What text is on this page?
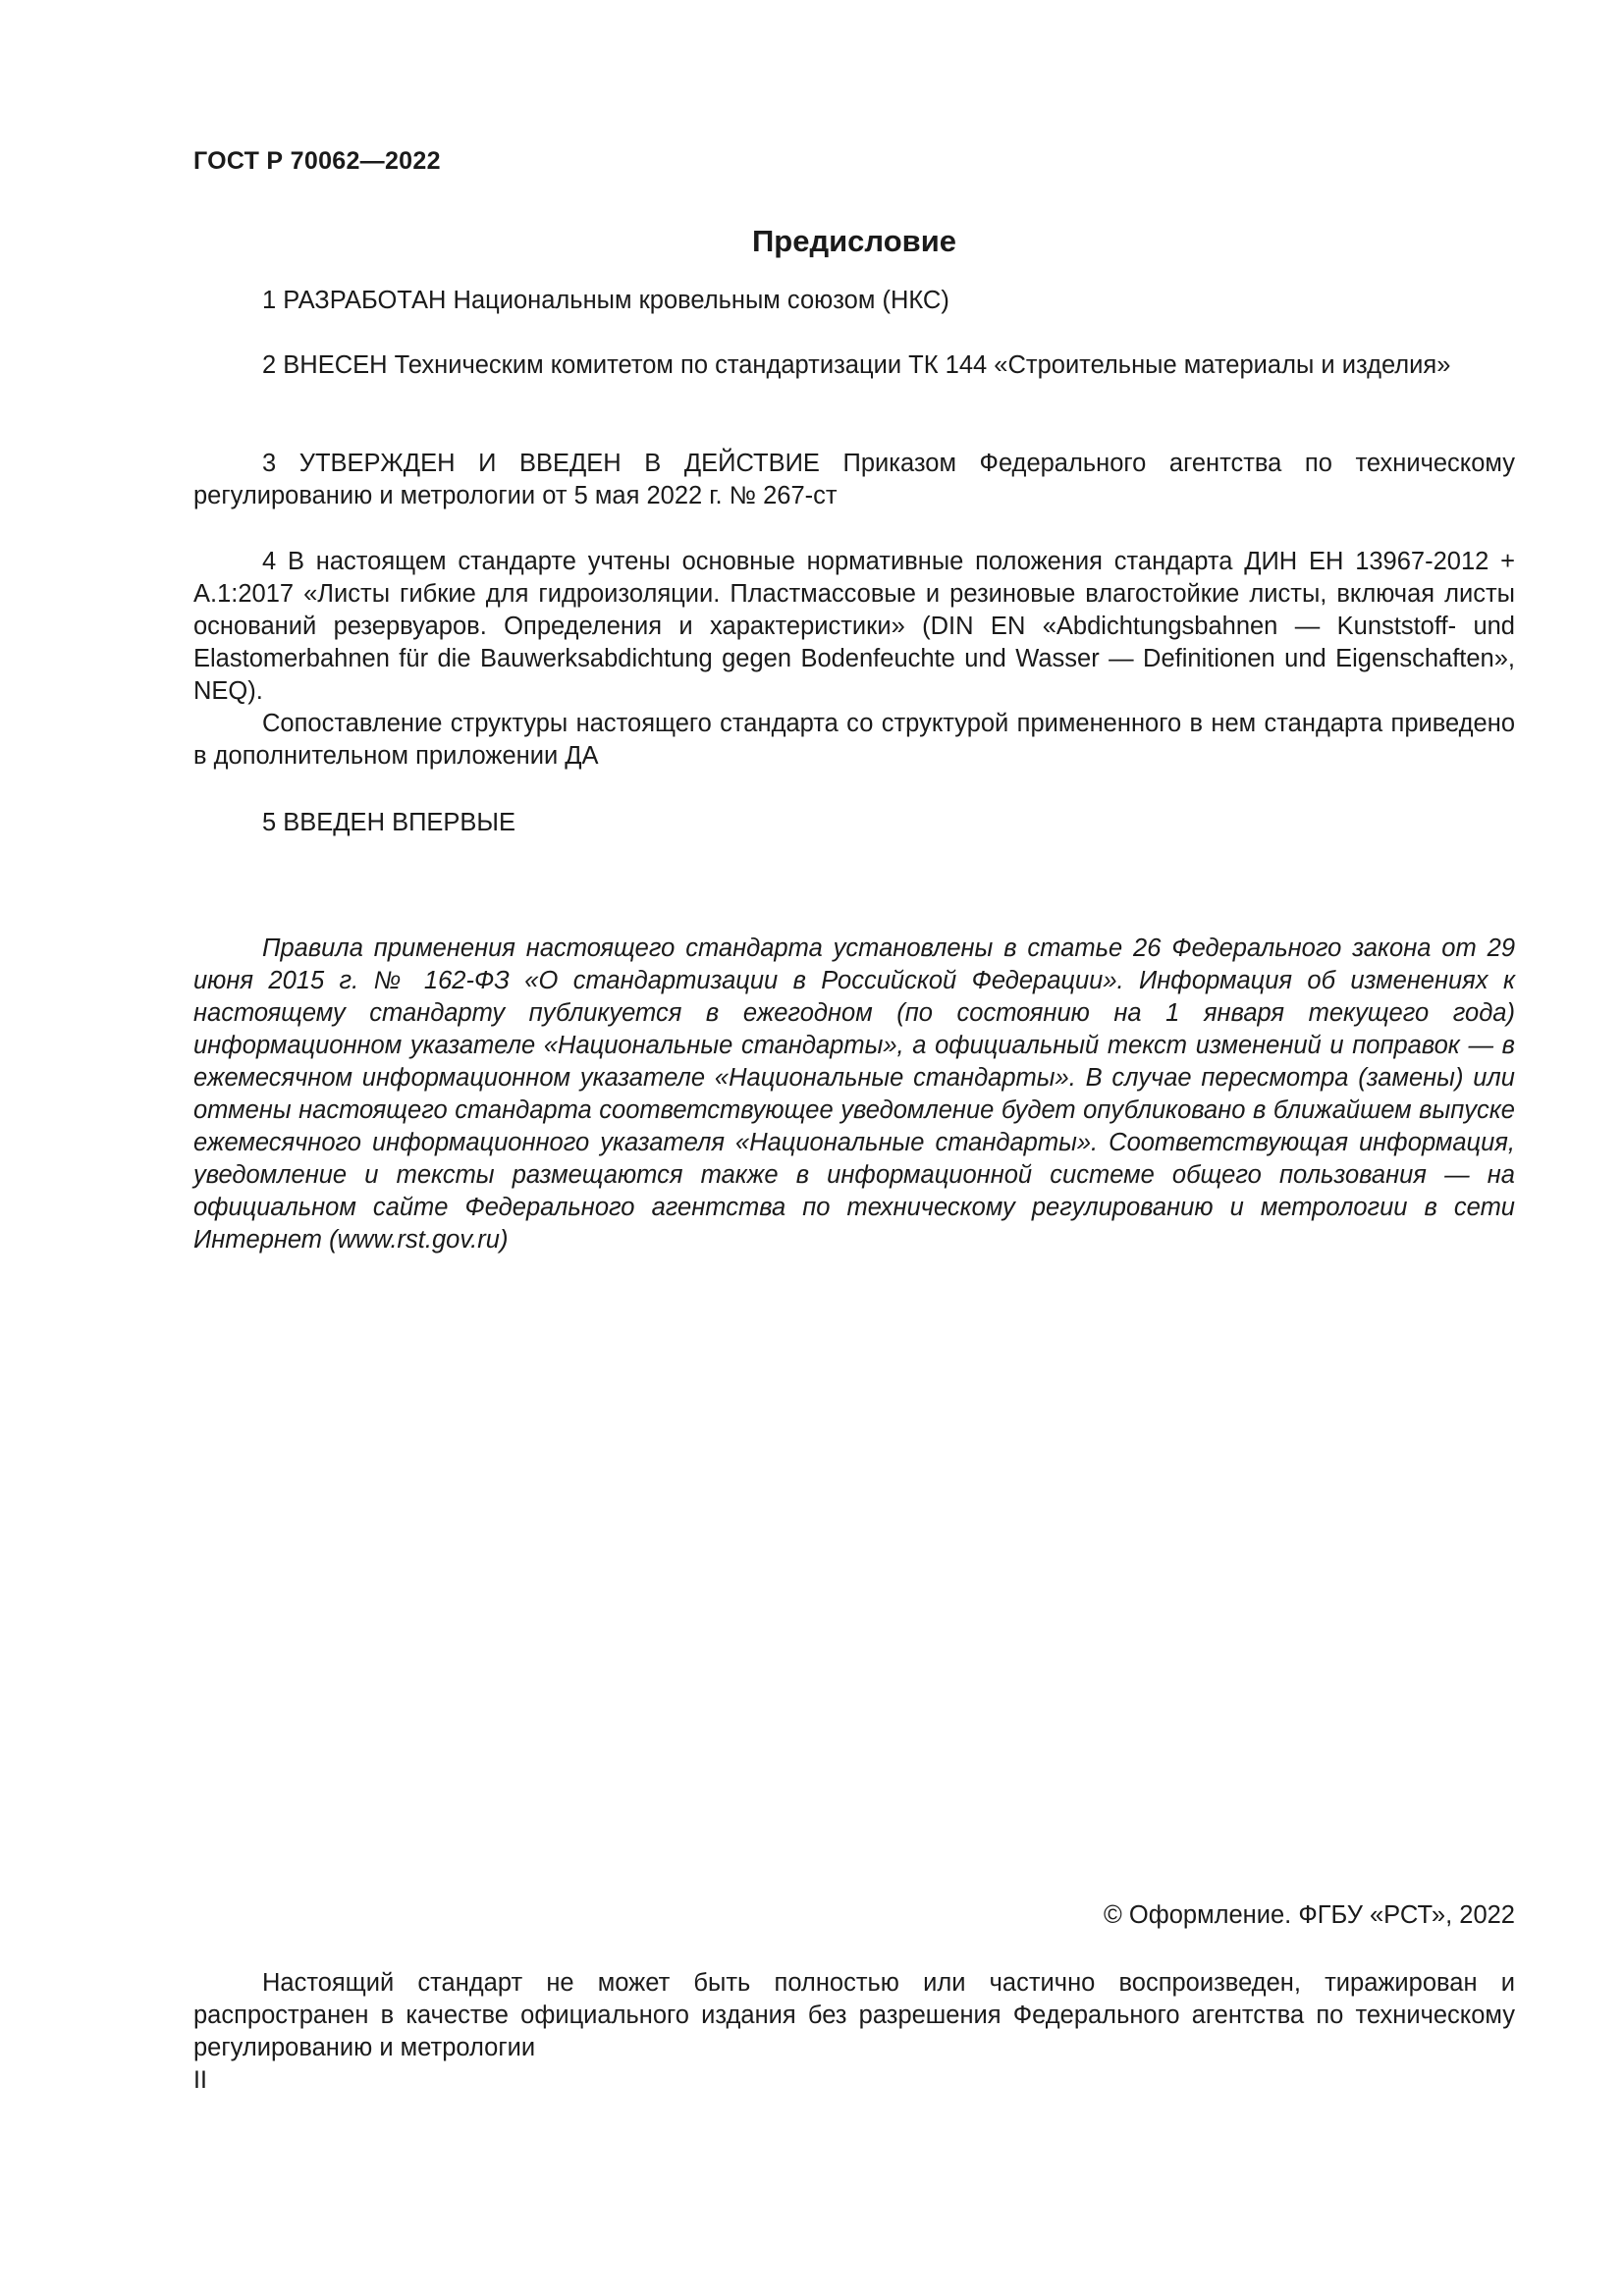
ГОСТ Р 70062—2022
Предисловие

1 РАЗРАБОТАН Национальным кровельным союзом (НКС)

2 ВНЕСЕН Техническим комитетом по стандартизации ТК 144 «Строительные материалы и изделия»

3 УТВЕРЖДЕН И ВВЕДЕН В ДЕЙСТВИЕ Приказом Федерального агентства по техническому регулированию и метрологии от 5 мая 2022 г. № 267-ст

4 В настоящем стандарте учтены основные нормативные положения стандарта ДИН ЕН 13967-2012 + А.1:2017 «Листы гибкие для гидроизоляции. Пластмассовые и резиновые влагостойкие листы, включая листы оснований резервуаров. Определения и характеристики» (DIN EN «Abdichtungsbahnen — Kunststoff- und Elastomerbahnen für die Bauwerksabdichtung gegen Bodenfeuchte und Wasser — Definitionen und Eigenschaften», NEQ).

Сопоставление структуры настоящего стандарта со структурой примененного в нем стандарта приведено в дополнительном приложении ДА

5 ВВЕДЕН ВПЕРВЫЕ

Правила применения настоящего стандарта установлены в статье 26 Федерального закона от 29 июня 2015 г. № 162-ФЗ «О стандартизации в Российской Федерации». Информация об изменениях к настоящему стандарту публикуется в ежегодном (по состоянию на 1 января текущего года) информационном указателе «Национальные стандарты», а официальный текст изменений и поправок — в ежемесячном информационном указателе «Национальные стандарты». В случае пересмотра (замены) или отмены настоящего стандарта соответствующее уведомление будет опубликовано в ближайшем выпуске ежемесячного информационного указателя «Национальные стандарты». Соответствующая информация, уведомление и тексты размещаются также в информационной системе общего пользования — на официальном сайте Федерального агентства по техническому регулированию и метрологии в сети Интернет (www.rst.gov.ru)

© Оформление. ФГБУ «РСТ», 2022

Настоящий стандарт не может быть полностью или частично воспроизведен, тиражирован и распространен в качестве официального издания без разрешения Федерального агентства по техническому регулированию и метрологии

II
